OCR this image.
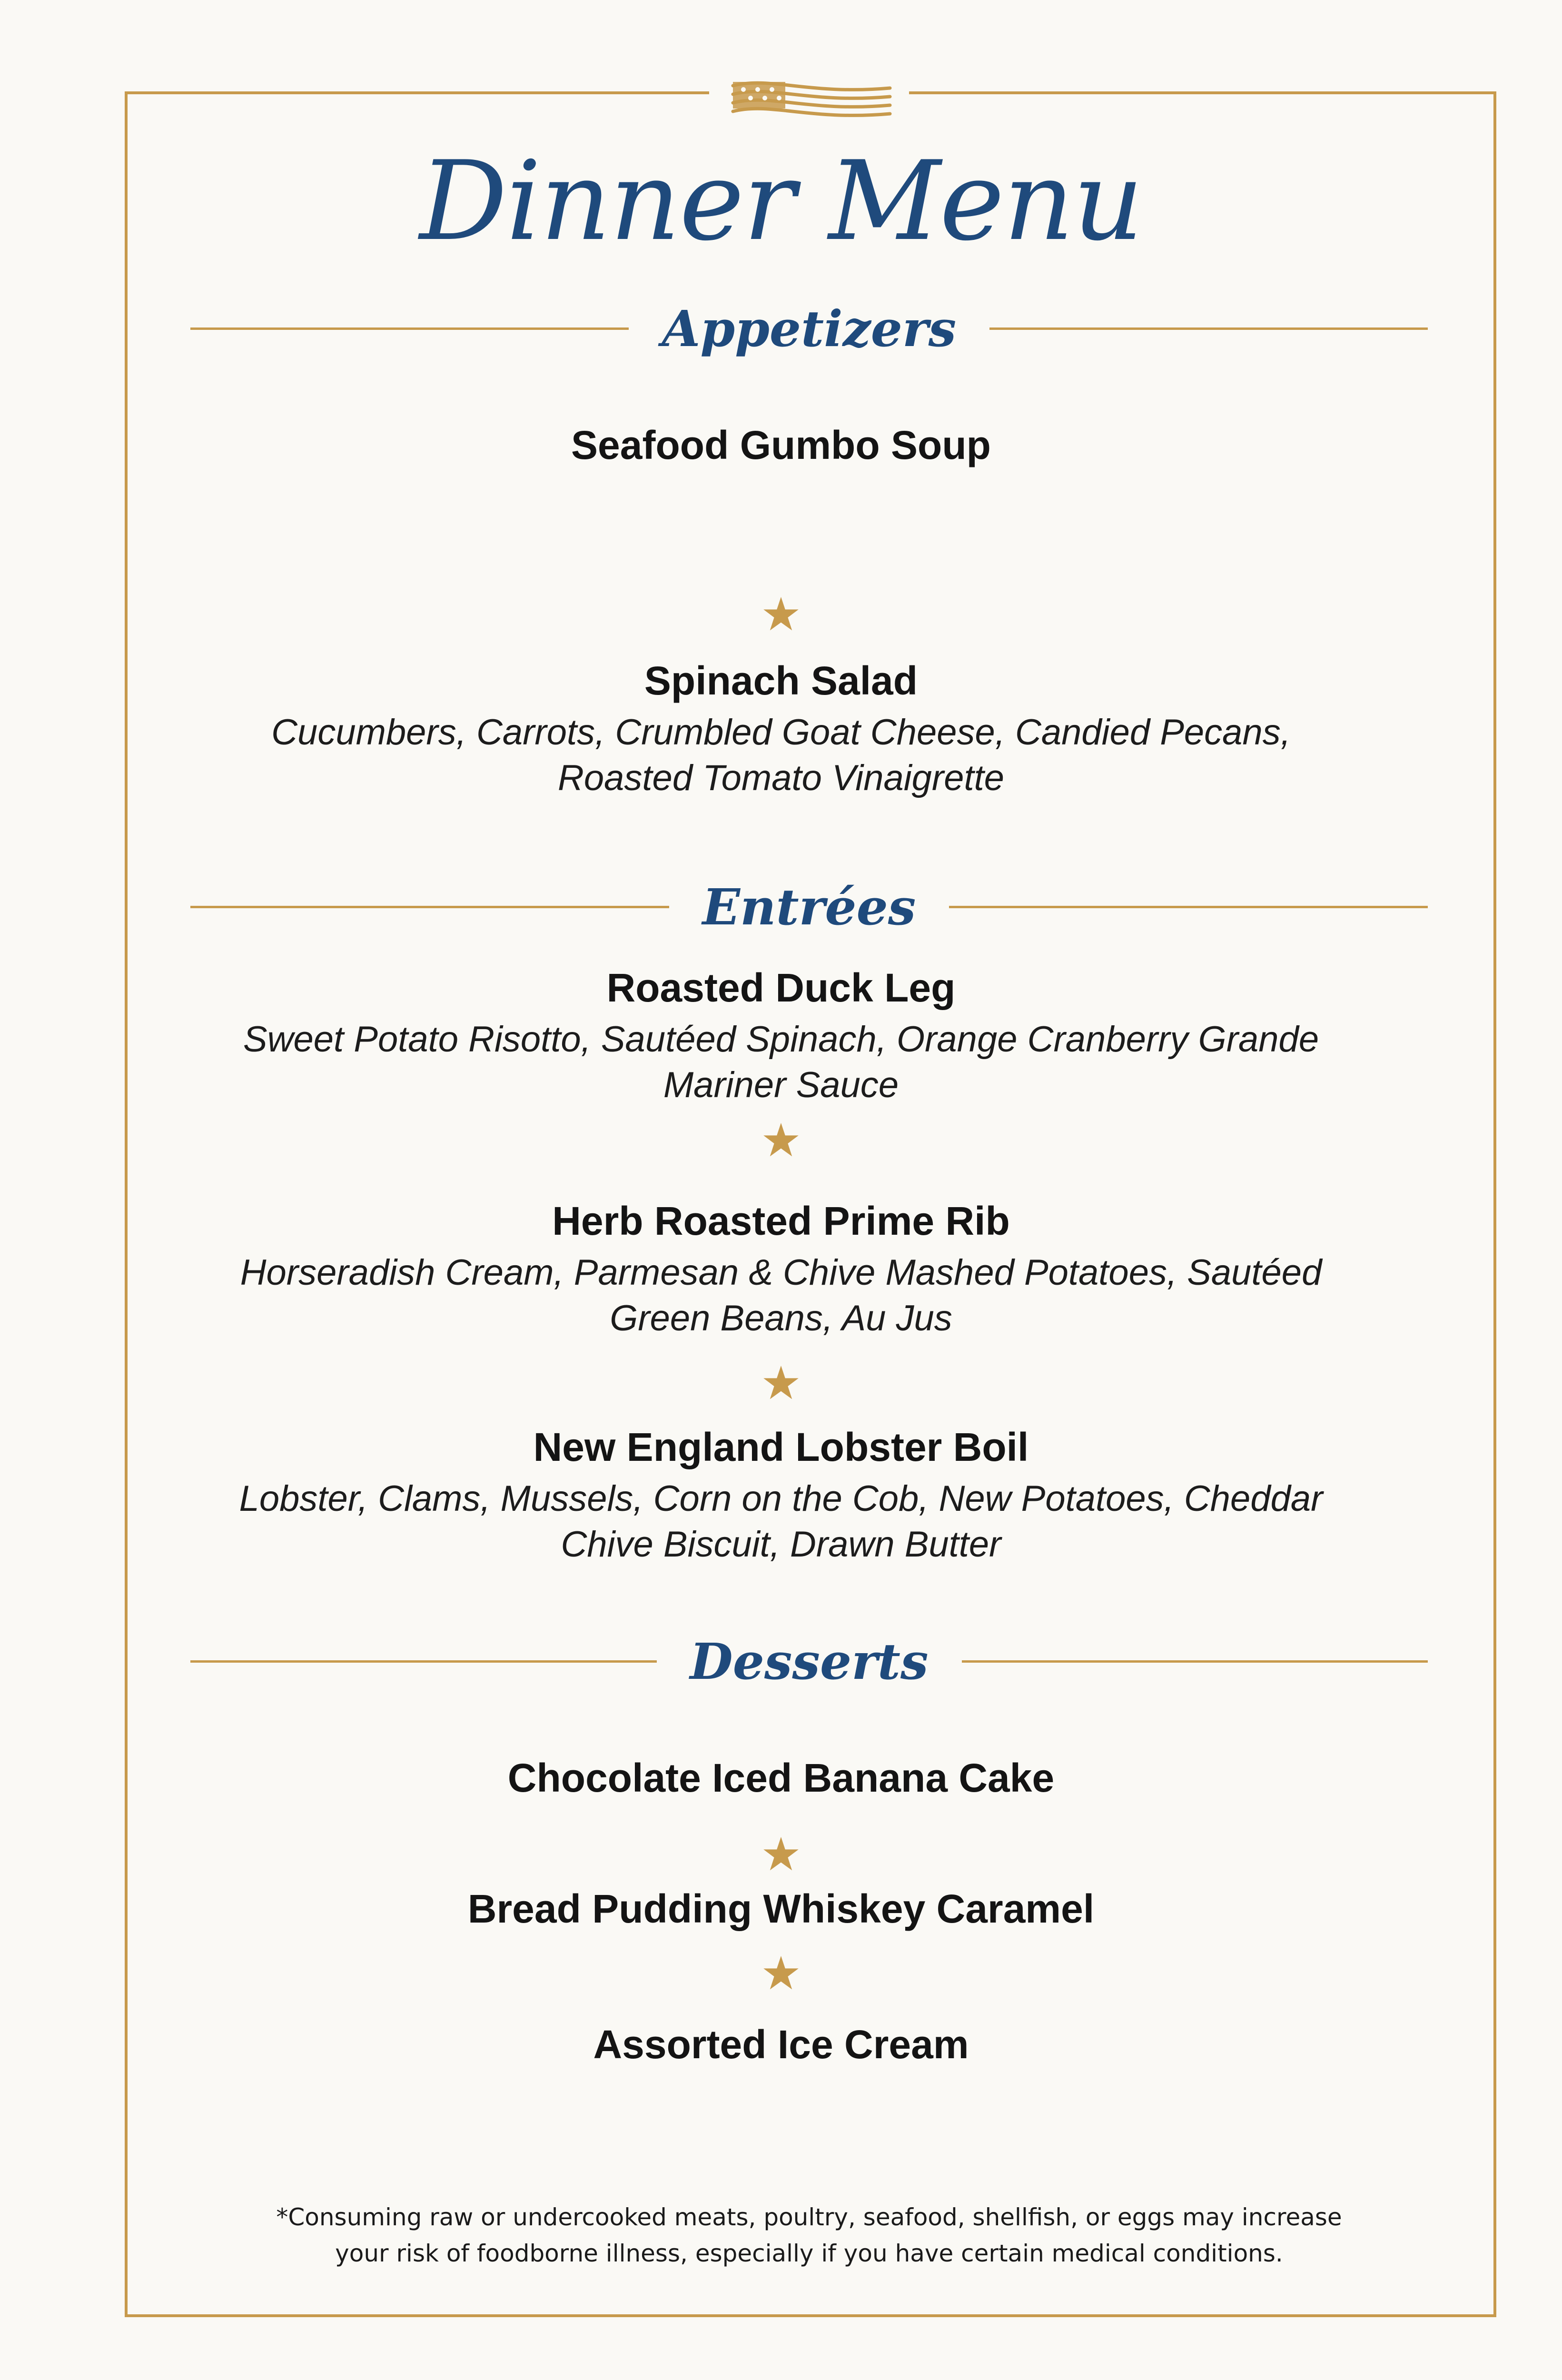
Dinner Menu
Appetizers
Seafood Gumbo Soup
Spinach Salad
Cucumbers, Carrots, Crumbled Goat Cheese, Candied Pecans,
Roasted Tomato Vinaigrette
Entrées
Roasted Duck Leg
Sweet Potato Risotto, Sautéed Spinach, Orange Cranberry Grande
Mariner Sauce
Herb Roasted Prime Rib
Horseradish Cream, Parmesan & Chive Mashed Potatoes, Sautéed
Green Beans, Au Jus
New England Lobster Boil
Lobster, Clams, Mussels, Corn on the Cob, New Potatoes, Cheddar
Chive Biscuit, Drawn Butter
Desserts
Chocolate Iced Banana Cake
Bread Pudding Whiskey Caramel
Assorted Ice Cream
*Consuming raw or undercooked meats, poultry, seafood, shellfish, or eggs may increase
your risk of foodborne illness, especially if you have certain medical conditions.
